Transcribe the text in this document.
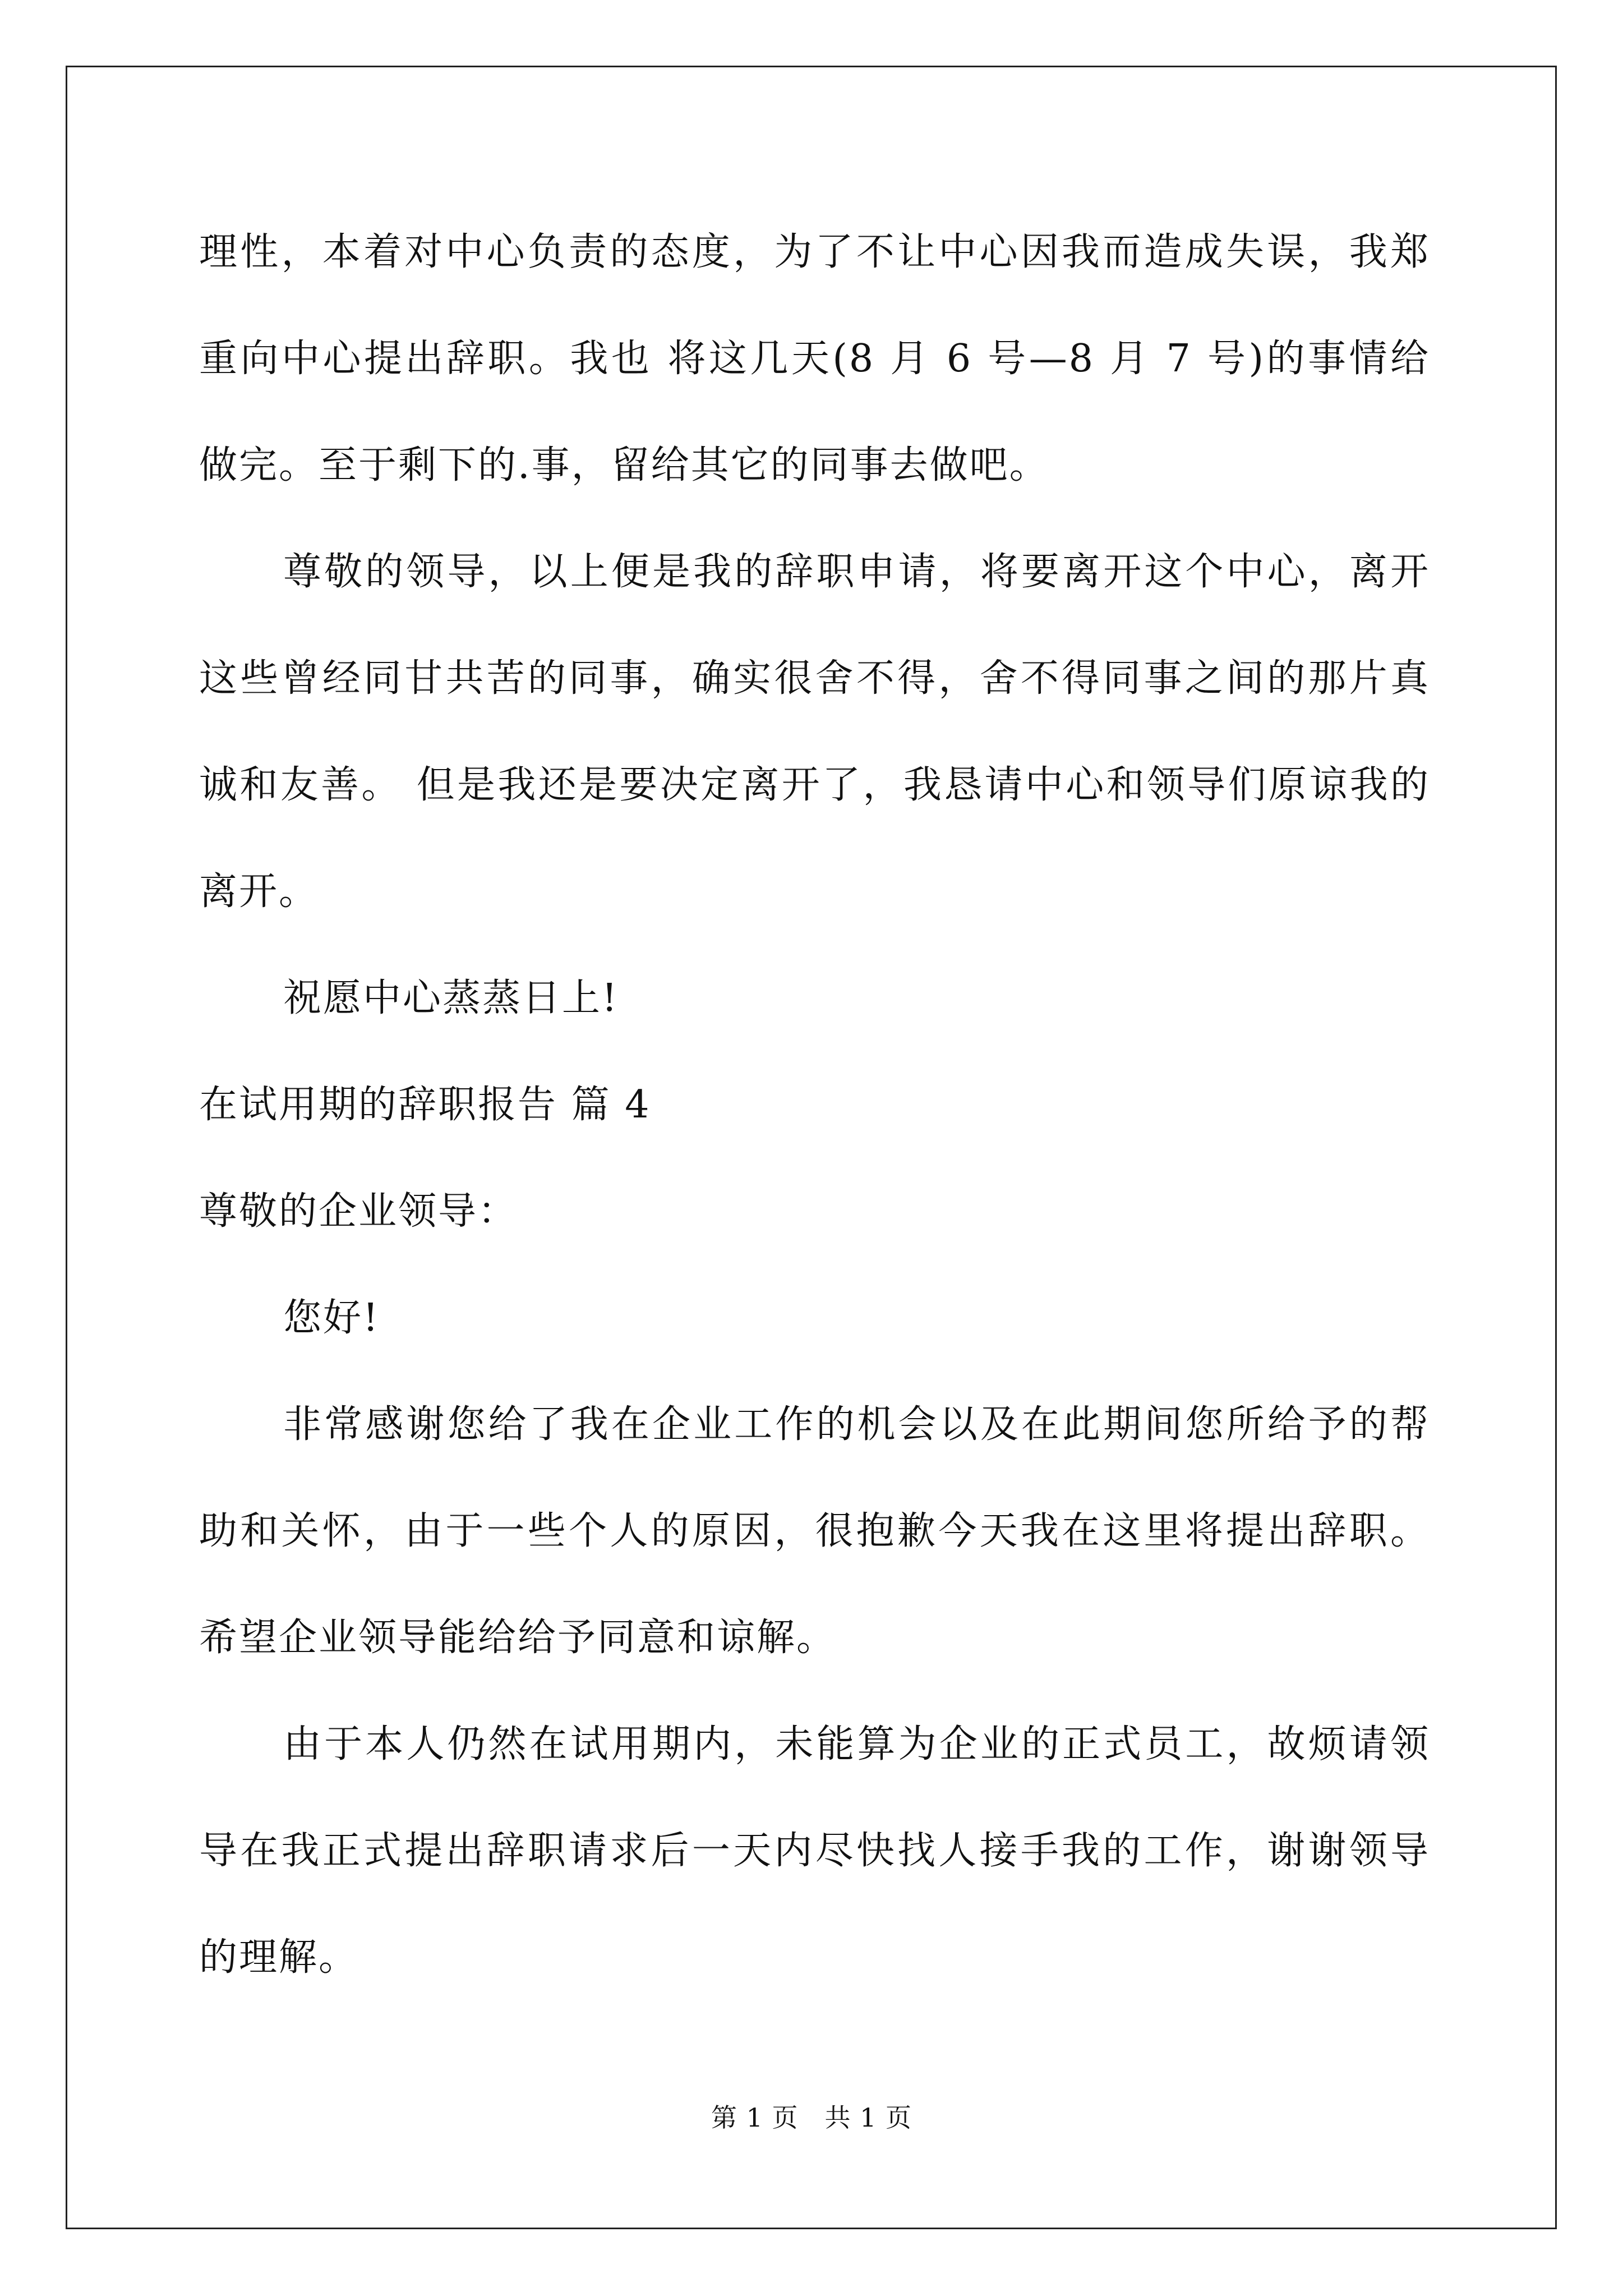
理性，本着对中心负责的态度，为了不让中心因我而造成失误，我郑
重向中心提出辞职。我也 将这几天(8 月 6 号—8 月 7 号)的事情给
做完。至于剩下的.事，留给其它的同事去做吧。
尊敬的领导，以上便是我的辞职申请，将要离开这个中心，离开
这些曾经同甘共苦的同事，确实很舍不得，舍不得同事之间的那片真
诚和友善。 但是我还是要决定离开了，我恳请中心和领导们原谅我的
离开。
祝愿中心蒸蒸日上!
在试用期的辞职报告 篇 4
尊敬的企业领导：
您好!
非常感谢您给了我在企业工作的机会以及在此期间您所给予的帮
助和关怀，由于一些个人的原因，很抱歉今天我在这里将提出辞职。
希望企业领导能给给予同意和谅解。
由于本人仍然在试用期内，未能算为企业的正式员工，故烦请领
导在我正式提出辞职请求后一天内尽快找人接手我的工作，谢谢领导
的理解。
第 1 页　共 1 页
